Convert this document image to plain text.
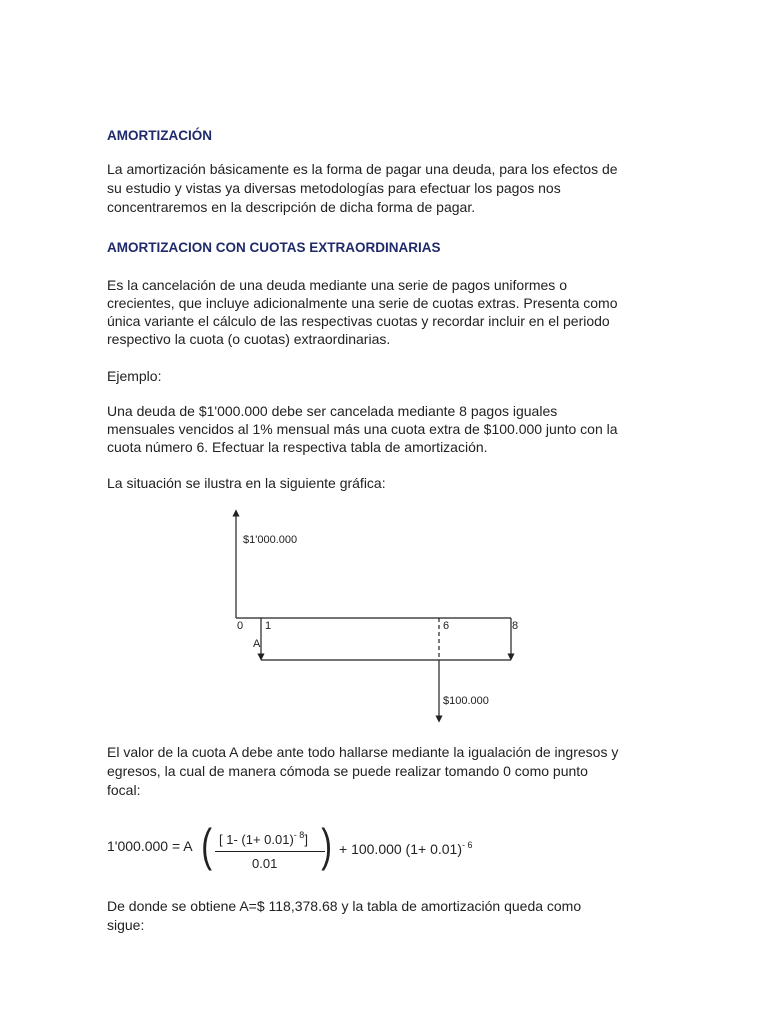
AMORTIZACIÓN

La amortización básicamente es la forma de pagar una deuda, para los efectos de
su estudio y vistas ya diversas metodologías para efectuar los pagos nos
concentraremos en la descripción de dicha forma de pagar.

AMORTIZACION CON CUOTAS EXTRAORDINARIAS

Es la cancelación de una deuda mediante una serie de pagos uniformes o
crecientes, que incluye adicionalmente una serie de cuotas extras. Presenta como
única variante el cálculo de las respectivas cuotas y recordar incluir en el periodo
respectivo la cuota (o cuotas) extraordinarias.

Ejemplo:

Una deuda de $1'000.000 debe ser cancelada mediante 8 pagos iguales
mensuales vencidos al 1% mensual más una cuota extra de $100.000 junto con la
cuota número 6. Efectuar la respectiva tabla de amortización.

La situación se ilustra en la siguiente gráfica:

1'000.000 = A ( [ 1- $(1+ 0.01)^{- 8}$]
0.01 ) + 100.000 $(1+ 0.01)^{- 6}$

El valor de la cuota A debe ante todo hallarse mediante la igualación de ingresos y
egresos, la cual de manera cómoda se puede realizar tomando 0 como punto
focal:

De donde se obtiene A=$ 118,378.68 y la tabla de amortización queda como
sigue:

$1'000.000
0 1	6	8
A
$100.000
